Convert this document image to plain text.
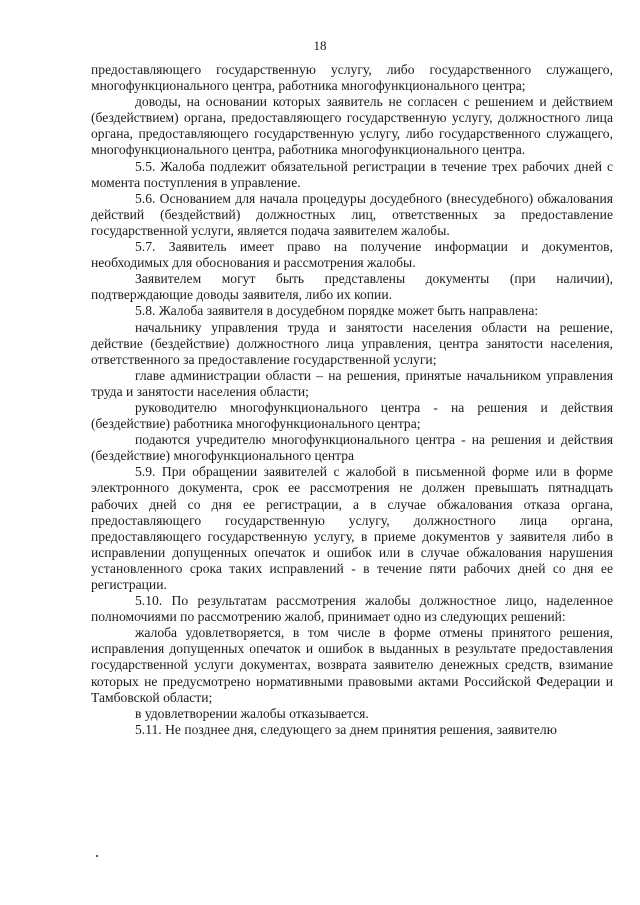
18

предоставляющего государственную услугу, либо государственного служащего, многофункционального центра, работника многофункционального центра;

доводы, на основании которых заявитель не согласен с решением и действием (бездействием) органа, предоставляющего государственную услугу, должностного лица органа, предоставляющего государственную услугу, либо государственного служащего, многофункционального центра, работника многофункционального центра.

5.5. Жалоба подлежит обязательной регистрации в течение трех рабочих дней с момента поступления в управление.

5.6. Основанием для начала процедуры досудебного (внесудебного) обжалования действий (бездействий) должностных лиц, ответственных за предоставление государственной услуги, является подача заявителем жалобы.

5.7. Заявитель имеет право на получение информации и документов, необходимых для обоснования и рассмотрения жалобы.

Заявителем могут быть представлены документы (при наличии), подтверждающие доводы заявителя, либо их копии.

5.8. Жалоба заявителя в досудебном порядке может быть направлена:

начальнику управления труда и занятости населения области на решение, действие (бездействие) должностного лица управления, центра занятости населения, ответственного за предоставление государственной услуги;

главе администрации области – на решения, принятые начальником управления труда и занятости населения области;

руководителю многофункционального центра - на решения и действия (бездействие) работника многофункционального центра;

подаются учредителю многофункционального центра - на решения и действия (бездействие) многофункционального центра

5.9. При обращении заявителей с жалобой в письменной форме или в форме электронного документа, срок ее рассмотрения не должен превышать пятнадцать рабочих дней со дня ее регистрации, а в случае обжалования отказа органа, предоставляющего государственную услугу, должностного лица органа, предоставляющего государственную услугу, в приеме документов у заявителя либо в исправлении допущенных опечаток и ошибок или в случае обжалования нарушения установленного срока таких исправлений - в течение пяти рабочих дней со дня ее регистрации.

5.10. По результатам рассмотрения жалобы должностное лицо, наделенное полномочиями по рассмотрению жалоб, принимает одно из следующих решений:

жалоба удовлетворяется, в том числе в форме отмены принятого решения, исправления допущенных опечаток и ошибок в выданных в результате предоставления государственной услуги документах, возврата заявителю денежных средств, взимание которых не предусмотрено нормативными правовыми актами Российской Федерации и Тамбовской области;

в удовлетворении жалобы отказывается.

5.11. Не позднее дня, следующего за днем принятия решения, заявителю
